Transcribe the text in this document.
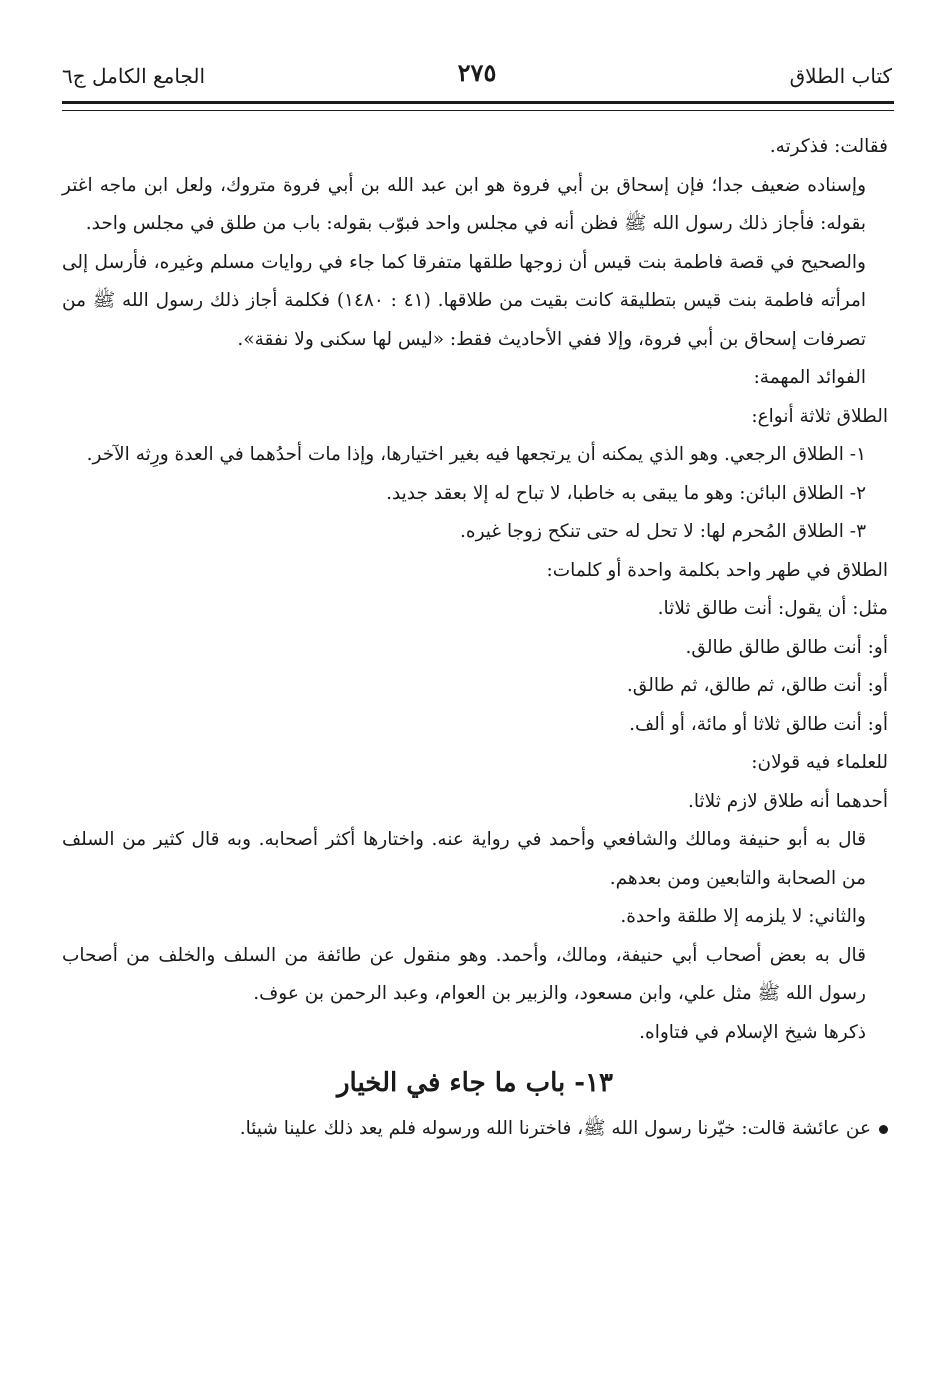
كتاب الطلاق
٢٧٥
الجامع الكامل ج٦

فقالت: فذكرته.

وإسناده ضعيف جدا؛ فإن إسحاق بن أبي فروة هو ابن عبد الله بن أبي فروة متروك، ولعل ابن ماجه اغتر بقوله: فأجاز ذلك رسول الله ﷺ فظن أنه في مجلس واحد فبوّب بقوله: باب من طلق في مجلس واحد.

والصحيح في قصة فاطمة بنت قيس أن زوجها طلقها متفرقا كما جاء في روايات مسلم وغيره، فأرسل إلى امرأته فاطمة بنت قيس بتطليقة كانت بقيت من طلاقها. (٤١ : ١٤٨٠) فكلمة أجاز ذلك رسول الله ﷺ من تصرفات إسحاق بن أبي فروة، وإلا ففي الأحاديث فقط: «ليس لها سكنى ولا نفقة».

الفوائد المهمة:

الطلاق ثلاثة أنواع:

١- الطلاق الرجعي. وهو الذي يمكنه أن يرتجعها فيه بغير اختيارها، وإذا مات أحدُهما في العدة ورِثه الآخر.

٢- الطلاق البائن: وهو ما يبقى به خاطبا، لا تباح له إلا بعقد جديد.

٣- الطلاق المُحرم لها: لا تحل له حتى تنكح زوجا غيره.

الطلاق في طهر واحد بكلمة واحدة أو كلمات:

مثل: أن يقول: أنت طالق ثلاثا.

أو: أنت طالق طالق طالق.

أو: أنت طالق، ثم طالق، ثم طالق.

أو: أنت طالق ثلاثا أو مائة، أو ألف.

للعلماء فيه قولان:

أحدهما أنه طلاق لازم ثلاثا.

قال به أبو حنيفة ومالك والشافعي وأحمد في رواية عنه. واختارها أكثر أصحابه. وبه قال كثير من السلف من الصحابة والتابعين ومن بعدهم.

والثاني: لا يلزمه إلا طلقة واحدة.

قال به بعض أصحاب أبي حنيفة، ومالك، وأحمد. وهو منقول عن طائفة من السلف والخلف من أصحاب رسول الله ﷺ مثل علي، وابن مسعود، والزبير بن العوام، وعبد الرحمن بن عوف.

ذكرها شيخ الإسلام في فتاواه.

١٣- باب ما جاء في الخيار

عن عائشة قالت: خيّرنا رسول الله ﷺ، فاخترنا الله ورسوله فلم يعد ذلك علينا شيئا.
